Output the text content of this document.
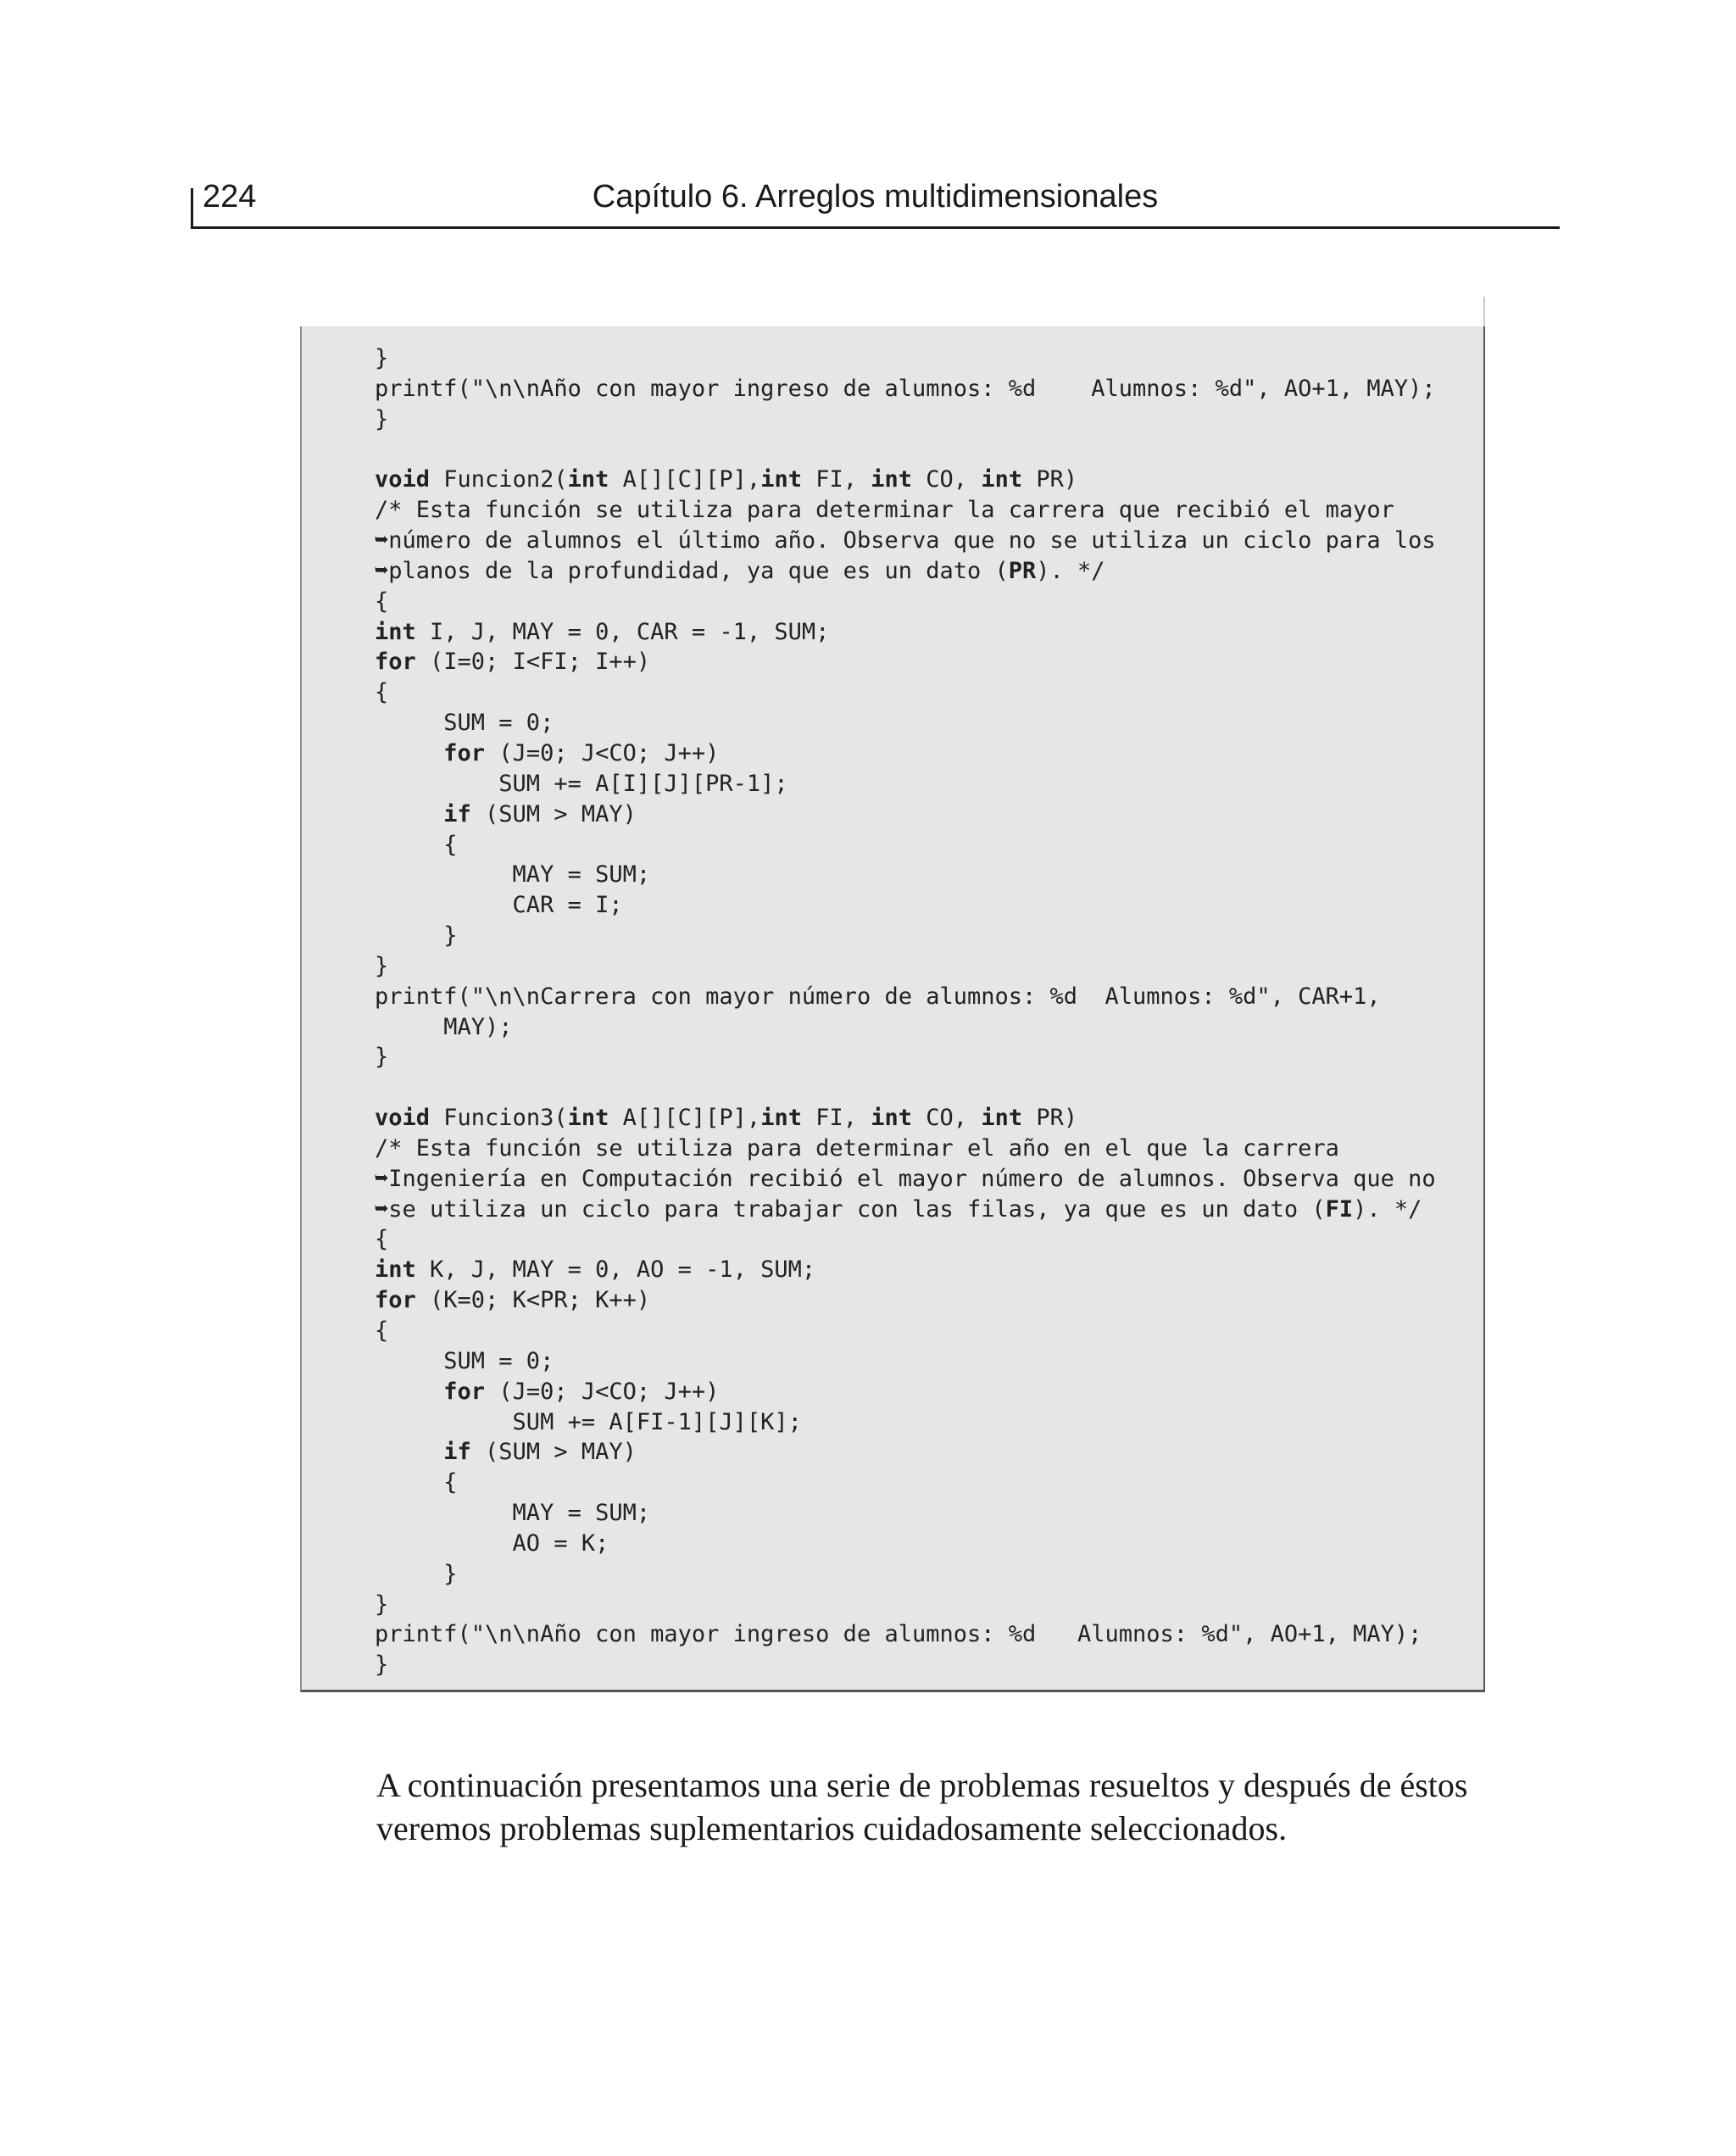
224	Capítulo 6. Arreglos multidimensionales
}
printf("\n\nAño con mayor ingreso de alumnos: %d    Alumnos: %d", AO+1, MAY);
}

void Funcion2(int A[][C][P],int FI, int CO, int PR)
/* Esta función se utiliza para determinar la carrera que recibió el mayor
➥número de alumnos el último año. Observa que no se utiliza un ciclo para los
➥planos de la profundidad, ya que es un dato (PR). */
{
int I, J, MAY = 0, CAR = -1, SUM;
for (I=0; I<FI; I++)
{
SUM = 0;
for (J=0; J<CO; J++)
SUM += A[I][J][PR-1];
if (SUM > MAY)
{
MAY = SUM;
CAR = I;
}
}
printf("\n\nCarrera con mayor número de alumnos: %d  Alumnos: %d", CAR+1,
MAY);
}

void Funcion3(int A[][C][P],int FI, int CO, int PR)
/* Esta función se utiliza para determinar el año en el que la carrera
➥Ingeniería en Computación recibió el mayor número de alumnos. Observa que no
➥se utiliza un ciclo para trabajar con las filas, ya que es un dato (FI). */
{
int K, J, MAY = 0, AO = -1, SUM;
for (K=0; K<PR; K++)
{
SUM = 0;
for (J=0; J<CO; J++)
SUM += A[FI-1][J][K];
if (SUM > MAY)
{
MAY = SUM;
AO = K;
}
}
printf("\n\nAño con mayor ingreso de alumnos: %d   Alumnos: %d", AO+1, MAY);
}
A continuación presentamos una serie de problemas resueltos y después de éstos
veremos problemas suplementarios cuidadosamente seleccionados.
